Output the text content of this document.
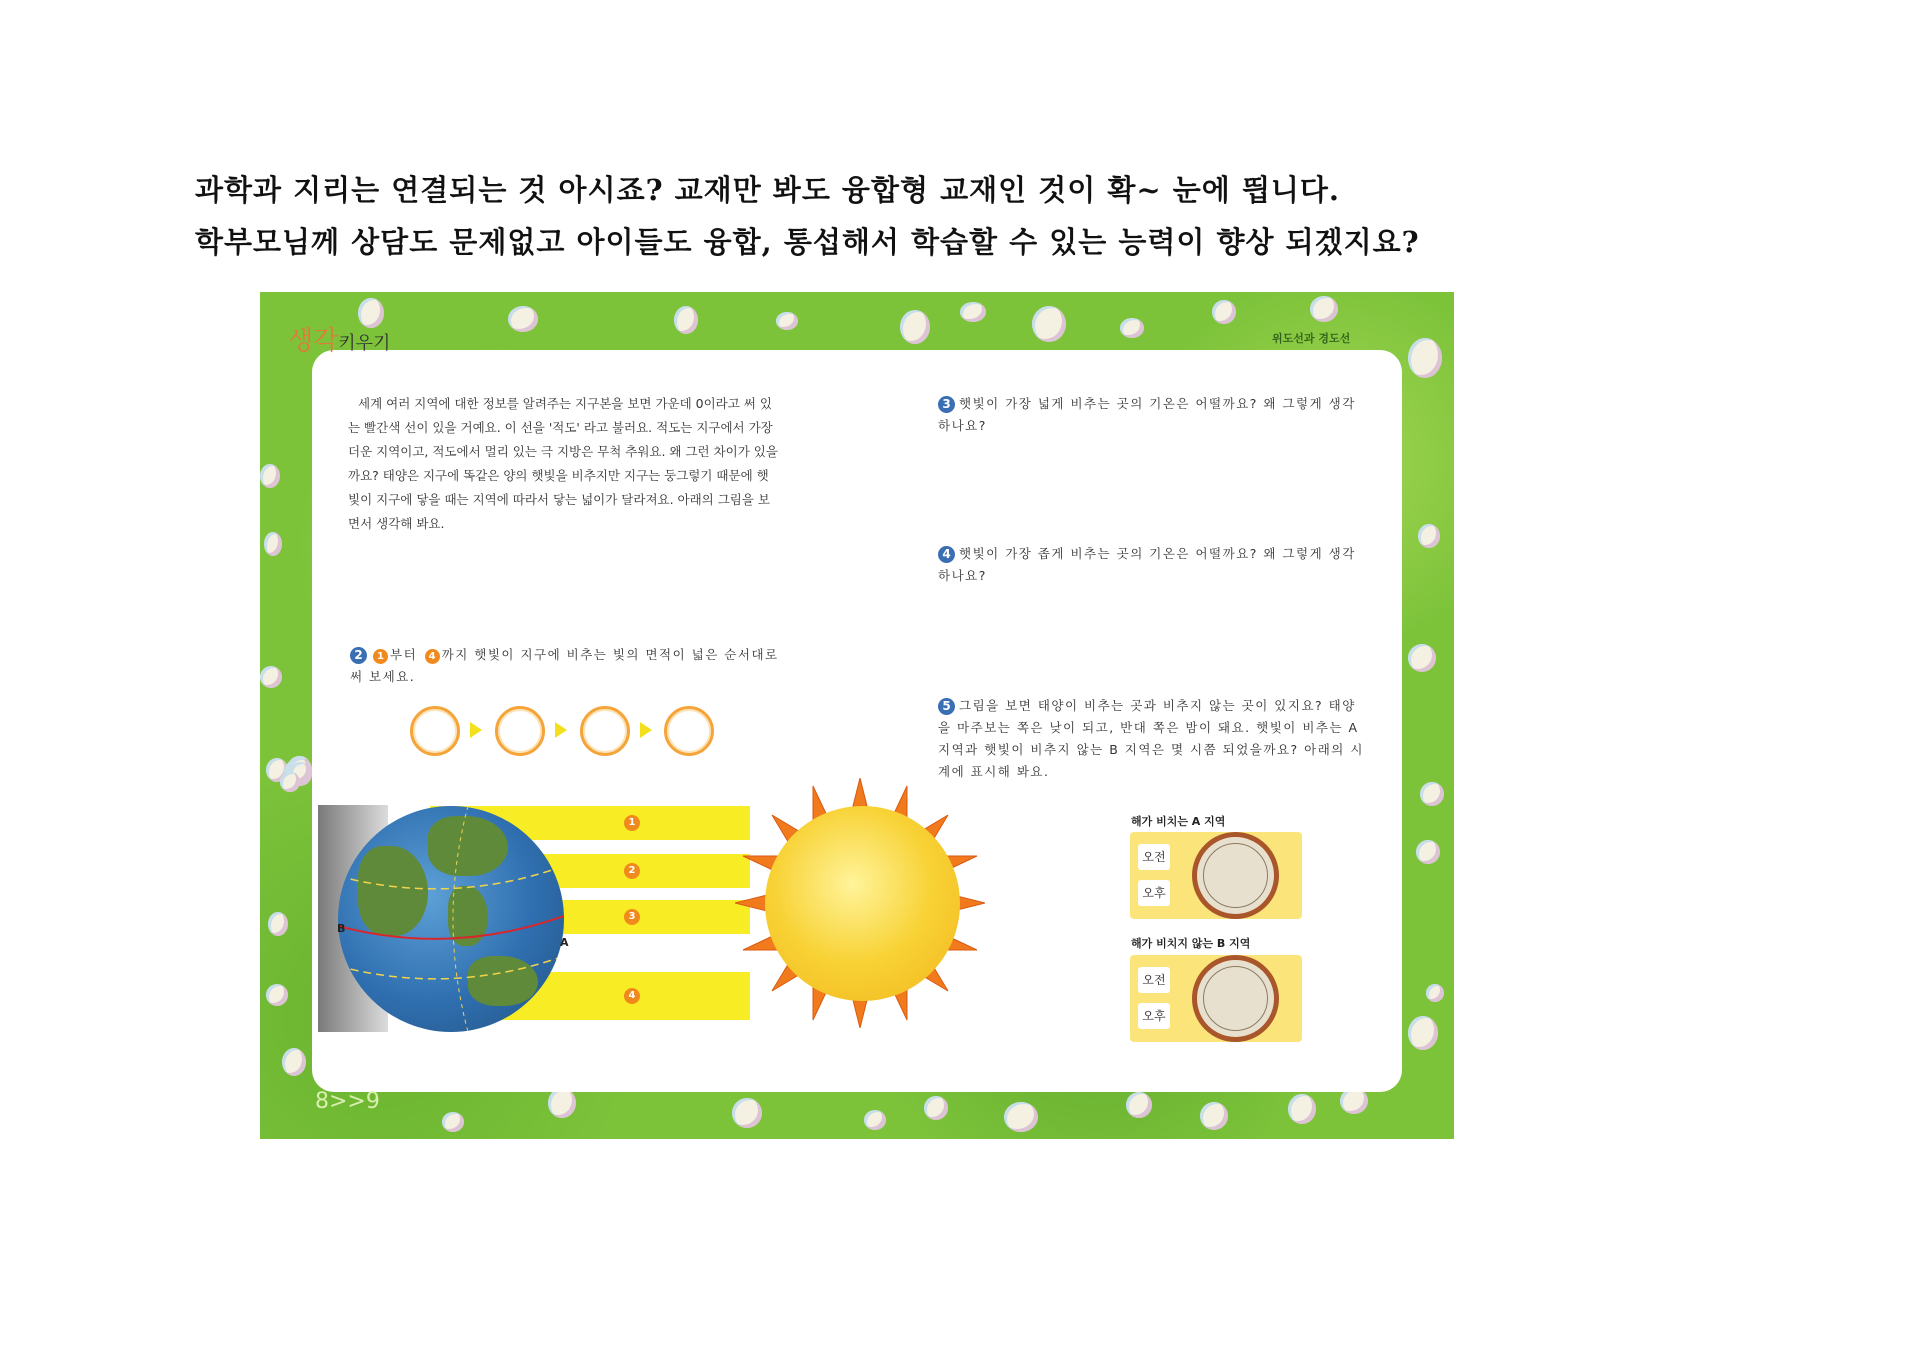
과학과 지리는 연결되는 것 아시죠? 교재만 봐도 융합형 교재인 것이 확~ 눈에 띕니다.
학부모님께 상담도 문제없고 아이들도 융합, 통섭해서 학습할 수 있는 능력이 향상 되겠지요?
생각키우기	위도선과 경도선
8>>9
세계 여러 지역에 대한 정보를 알려주는 지구본을 보면 가운데 0이라고 써 있는 빨간색 선이 있을 거예요. 이 선을 '적도' 라고 불러요. 적도는 지구에서 가장 더운 지역이고, 적도에서 멀리 있는 극 지방은 무척 추워요. 왜 그런 차이가 있을까요? 태양은 지구에 똑같은 양의 햇빛을 비추지만 지구는 둥그렇기 때문에 햇빛이 지구에 닿을 때는 지역에 따라서 닿는 넓이가 달라져요. 아래의 그림을 보면서 생각해 봐요.
2 1 부터 4 까지 햇빛이 지구에 비추는 빛의 면적이 넓은 순서대로 써 보세요.
3 햇빛이 가장 넓게 비추는 곳의 기온은 어떨까요? 왜 그렇게 생각하나요?
4 햇빛이 가장 좁게 비추는 곳의 기온은 어떨까요? 왜 그렇게 생각하나요?
5 그림을 보면 태양이 비추는 곳과 비추지 않는 곳이 있지요? 태양을 마주보는 쪽은 낮이 되고, 반대 쪽은 밤이 돼요. 햇빛이 비추는 A 지역과 햇빛이 비추지 않는 B 지역은 몇 시쯤 되었을까요? 아래의 시계에 표시해 봐요.
1
2
3
4
A
B
해가 비치는 A 지역
오전
오후
해가 비치지 않는 B 지역
오전
오후
